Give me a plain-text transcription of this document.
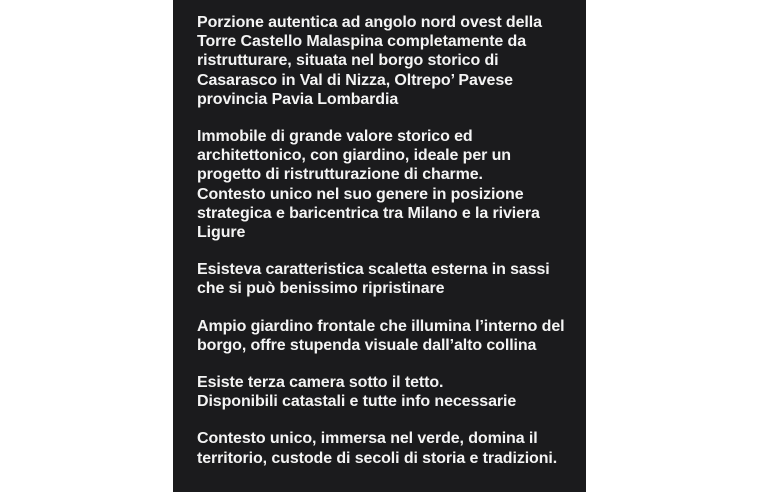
Porzione autentica ad angolo nord ovest della
Torre Castello Malaspina completamente da
ristrutturare, situata nel borgo storico di
Casarasco in Val di Nizza, Oltrepo’ Pavese
provincia Pavia Lombardia
Immobile di grande valore storico ed
architettonico, con giardino, ideale per un
progetto di ristrutturazione di charme.
Contesto unico nel suo genere in posizione
strategica e baricentrica tra Milano e la riviera
Ligure
Esisteva caratteristica scaletta esterna in sassi
che si può benissimo ripristinare
Ampio giardino frontale che illumina l’interno del
borgo, offre stupenda visuale dall’alto collina
Esiste terza camera sotto il tetto.
Disponibili catastali e tutte info necessarie
Contesto unico, immersa nel verde, domina il
territorio, custode di secoli di storia e tradizioni.
